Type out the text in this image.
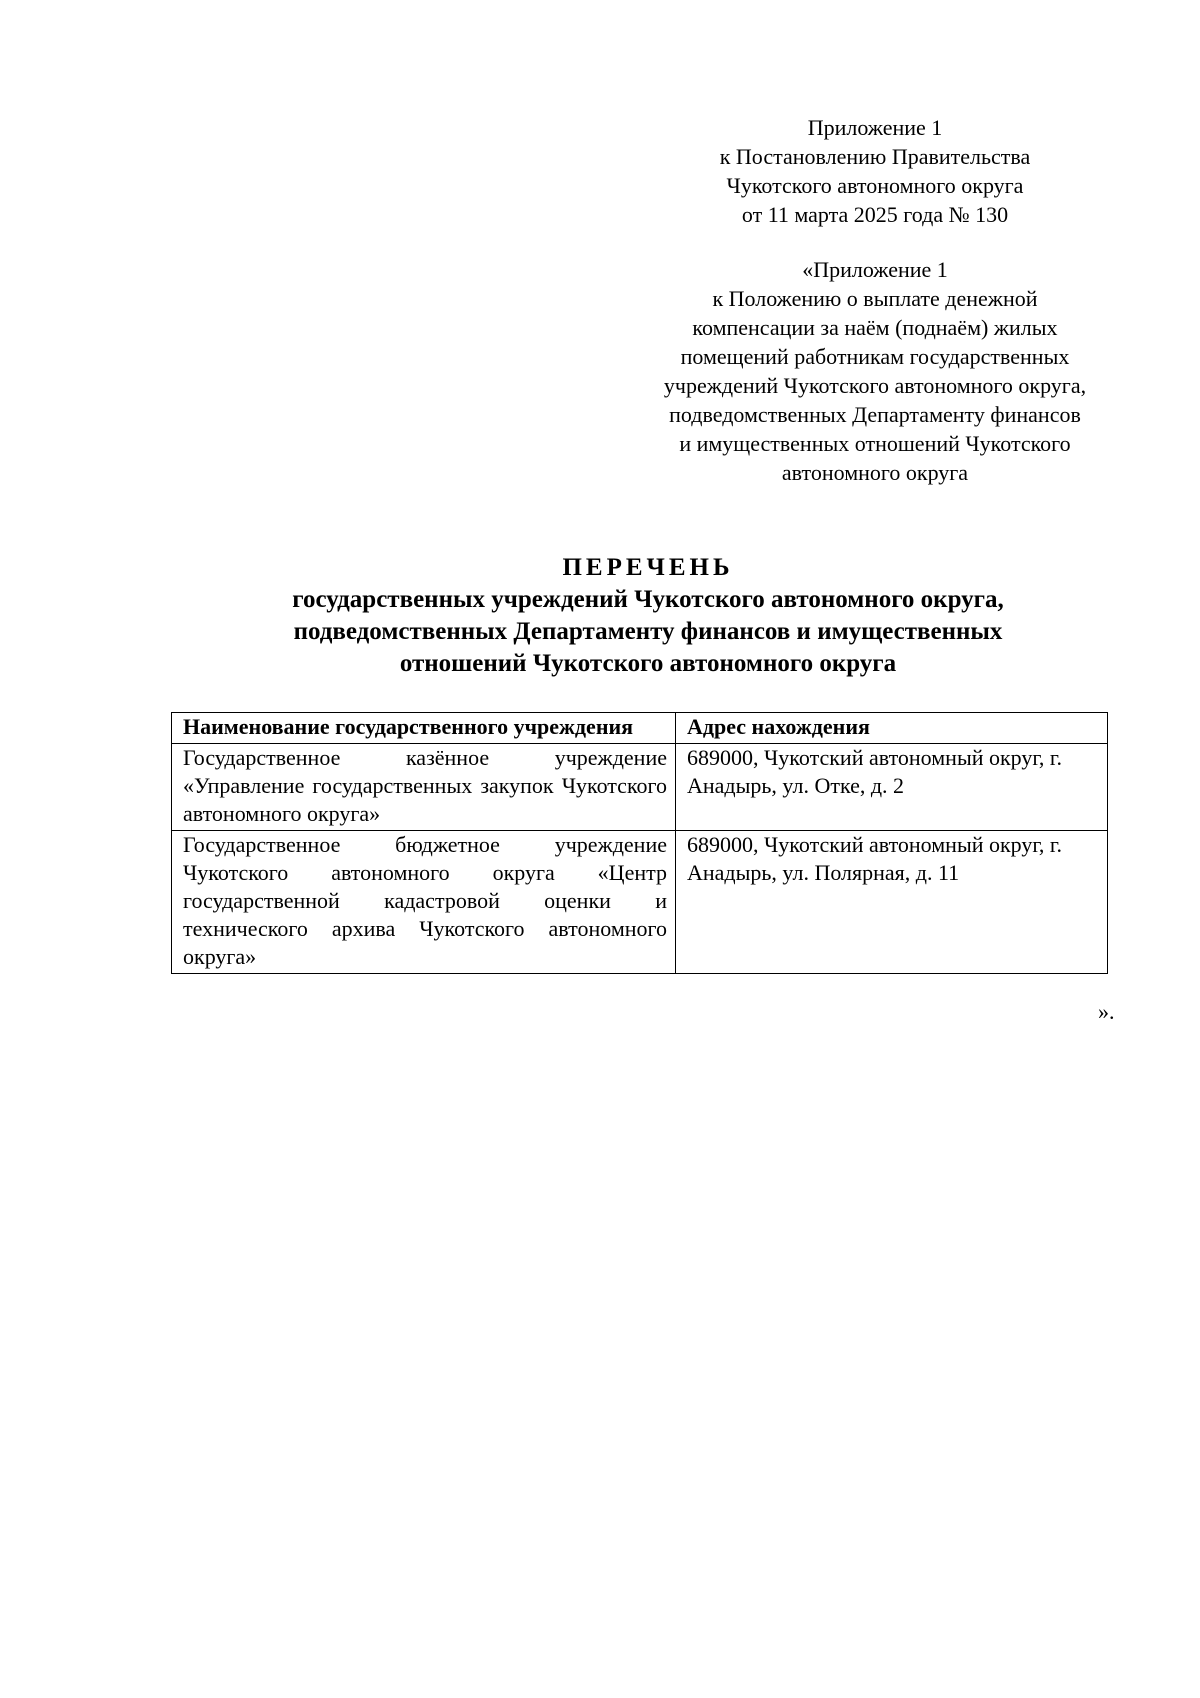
Приложение 1
к Постановлению Правительства
Чукотского автономного округа
от 11 марта 2025 года № 130
«Приложение 1
к Положению о выплате денежной
компенсации за наём (поднаём) жилых
помещений работникам государственных
учреждений Чукотского автономного округа,
подведомственных Департаменту финансов
и имущественных отношений Чукотского
автономного округа
ПЕРЕЧЕНЬ
государственных учреждений Чукотского автономного округа,
подведомственных Департаменту финансов и имущественных
отношений Чукотского автономного округа
Наименование государственного учреждения	Адрес нахождения
Государственное казённое учреждение «Управление государственных закупок Чукотского автономного округа»	689000, Чукотский автономный округ, г. Анадырь, ул. Отке, д. 2
Государственное бюджетное учреждение Чукотского автономного округа «Центр государственной кадастровой оценки и технического архива Чукотского автономного округа»	689000, Чукотский автономный округ, г. Анадырь, ул. Полярная, д. 11
».
